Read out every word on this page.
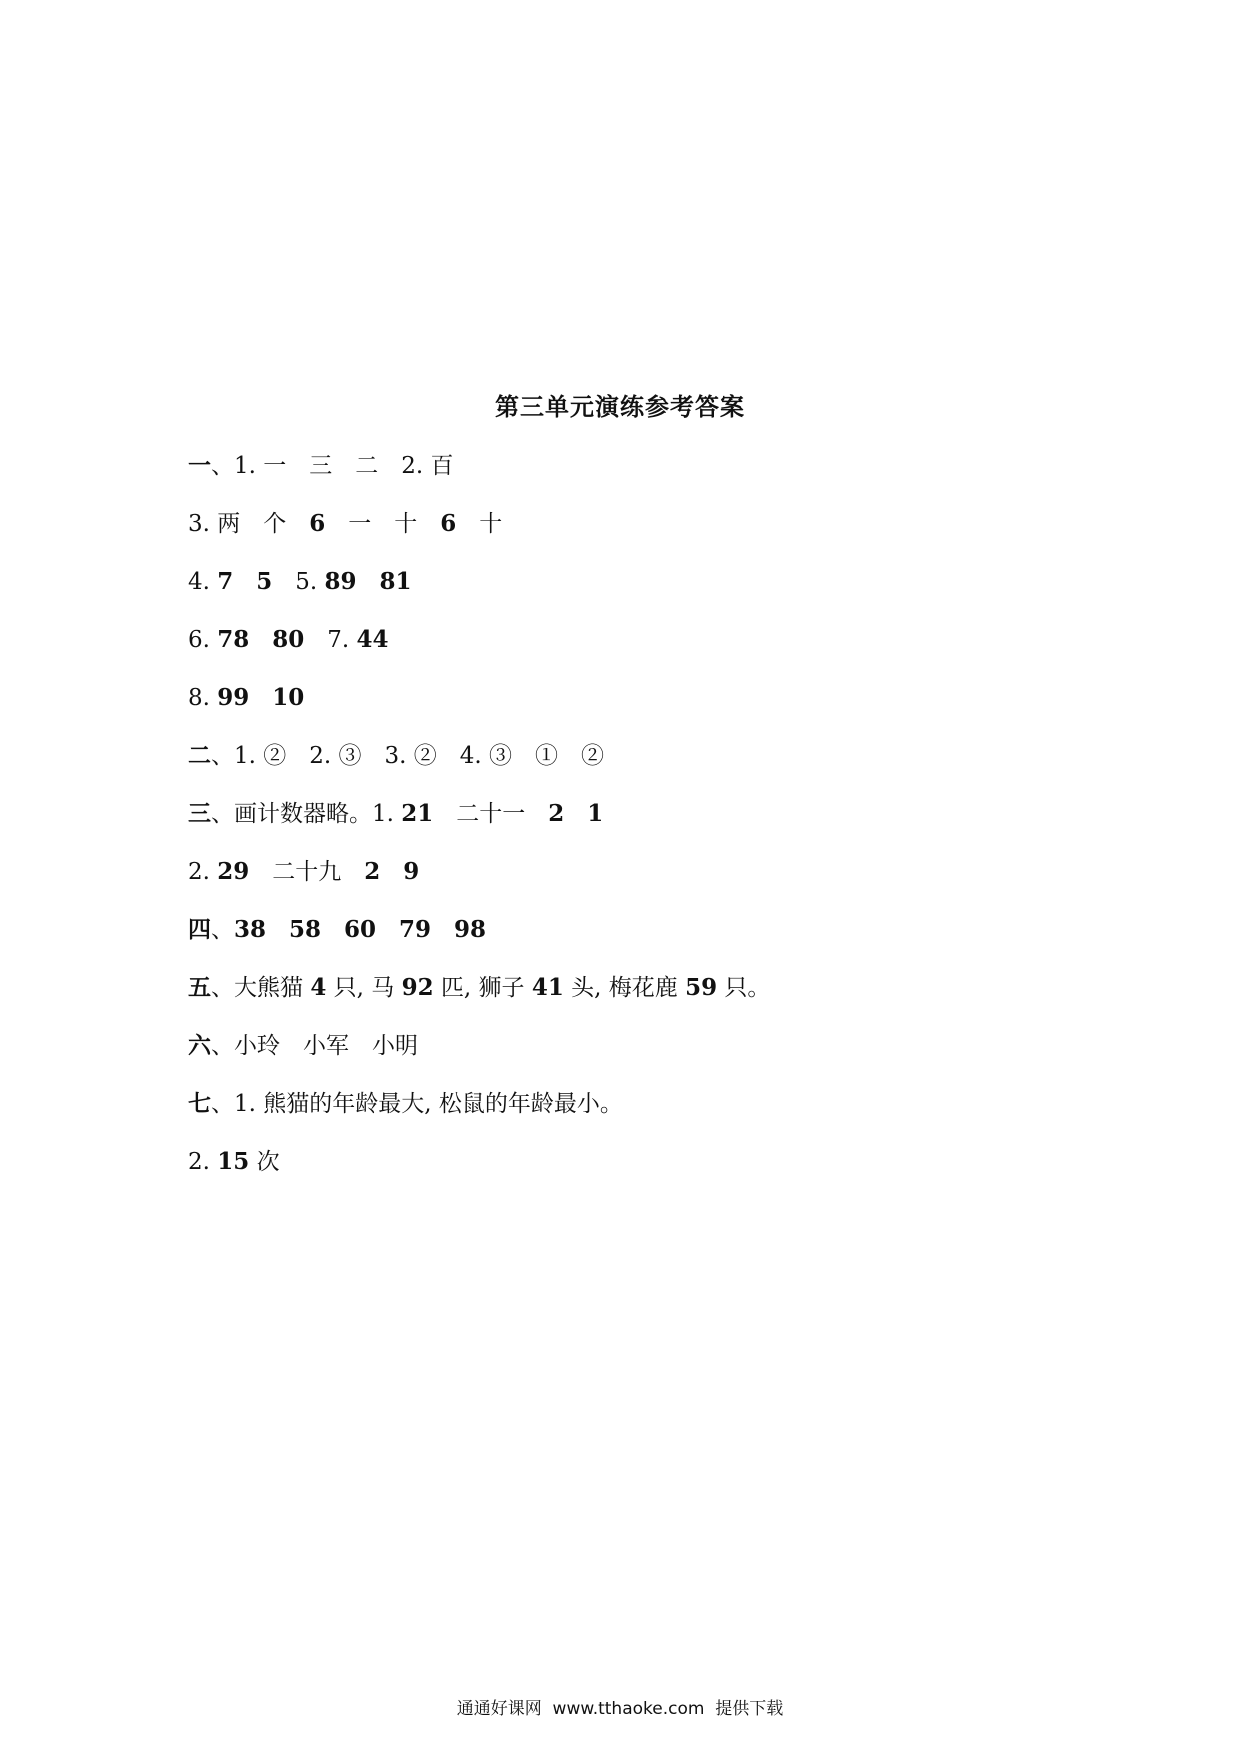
第三单元演练参考答案
一、1. 一　三　二　2. 百
3. 两　个　6　一　十　6　十
4. 7　5　5. 89　81
6. 78　80　7. 44
8. 99　10
二、1. ②　2. ③　3. ②　4. ③　①　②
三、画计数器略。1. 21　二十一　2　1
2. 29　二十九　2　9
四、38　58　60　79　98
五、大熊猫 4 只, 马 92 匹, 狮子 41 头, 梅花鹿 59 只。
六、小玲　小军　小明
七、1. 熊猫的年龄最大, 松鼠的年龄最小。
2. 15 次
通通好课网  www.tthaoke.com  提供下载
